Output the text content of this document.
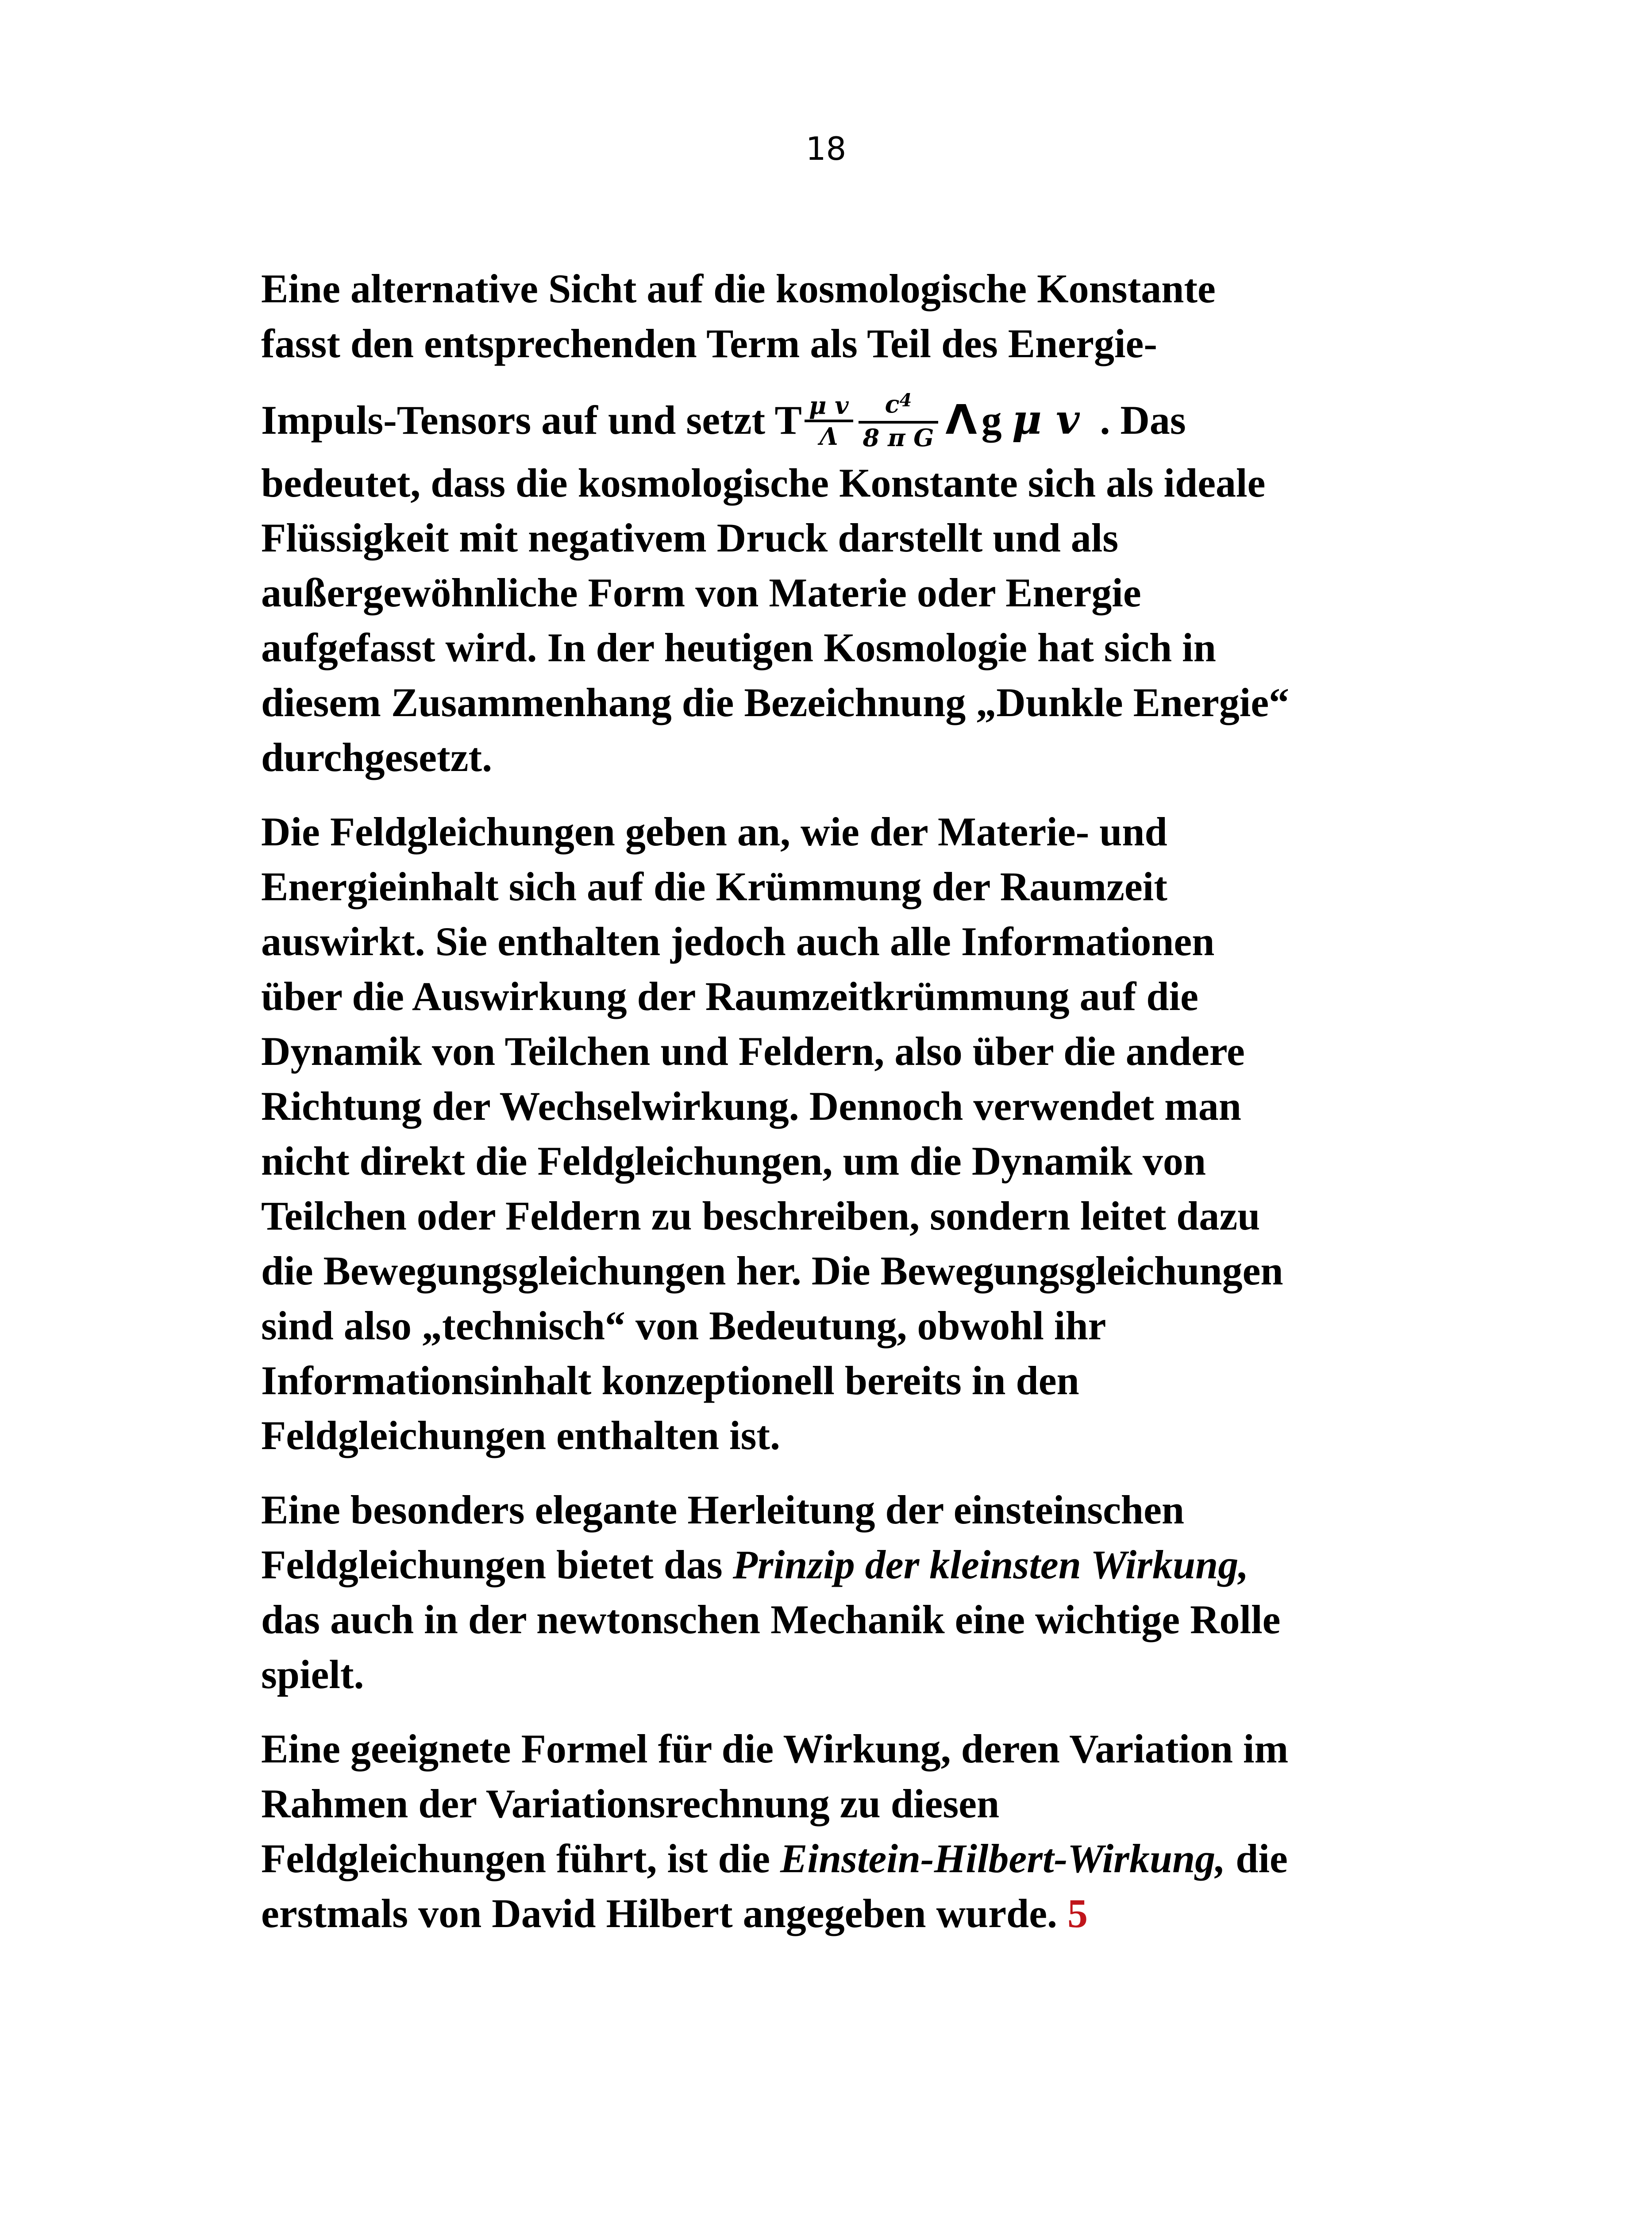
18

Eine alternative Sicht auf die kosmologische Konstante
fasst den entsprechenden Term als Teil des Energie-
Impuls-Tensors auf und setzt T $\frac{\text{μ v}}{\Lambda} \frac{c^4}{\text{8 π G}}$ Λ g μ v . Das
bedeutet, dass die kosmologische Konstante sich als ideale
Flüssigkeit mit negativem Druck darstellt und als
außergewöhnliche Form von Materie oder Energie
aufgefasst wird. In der heutigen Kosmologie hat sich in
diesem Zusammenhang die Bezeichnung „Dunkle Energie“
durchgesetzt.

Die Feldgleichungen geben an, wie der Materie- und
Energieinhalt sich auf die Krümmung der Raumzeit
auswirkt. Sie enthalten jedoch auch alle Informationen
über die Auswirkung der Raumzeitkrümmung auf die
Dynamik von Teilchen und Feldern, also über die andere
Richtung der Wechselwirkung. Dennoch verwendet man
nicht direkt die Feldgleichungen, um die Dynamik von
Teilchen oder Feldern zu beschreiben, sondern leitet dazu
die Bewegungsgleichungen her. Die Bewegungsgleichungen
sind also „technisch“ von Bedeutung, obwohl ihr
Informationsinhalt konzeptionell bereits in den
Feldgleichungen enthalten ist.

Eine besonders elegante Herleitung der einsteinschen
Feldgleichungen bietet das Prinzip der kleinsten Wirkung,
das auch in der newtonschen Mechanik eine wichtige Rolle
spielt.

Eine geeignete Formel für die Wirkung, deren Variation im
Rahmen der Variationsrechnung zu diesen
Feldgleichungen führt, ist die Einstein-Hilbert-Wirkung, die
erstmals von David Hilbert angegeben wurde. 5
